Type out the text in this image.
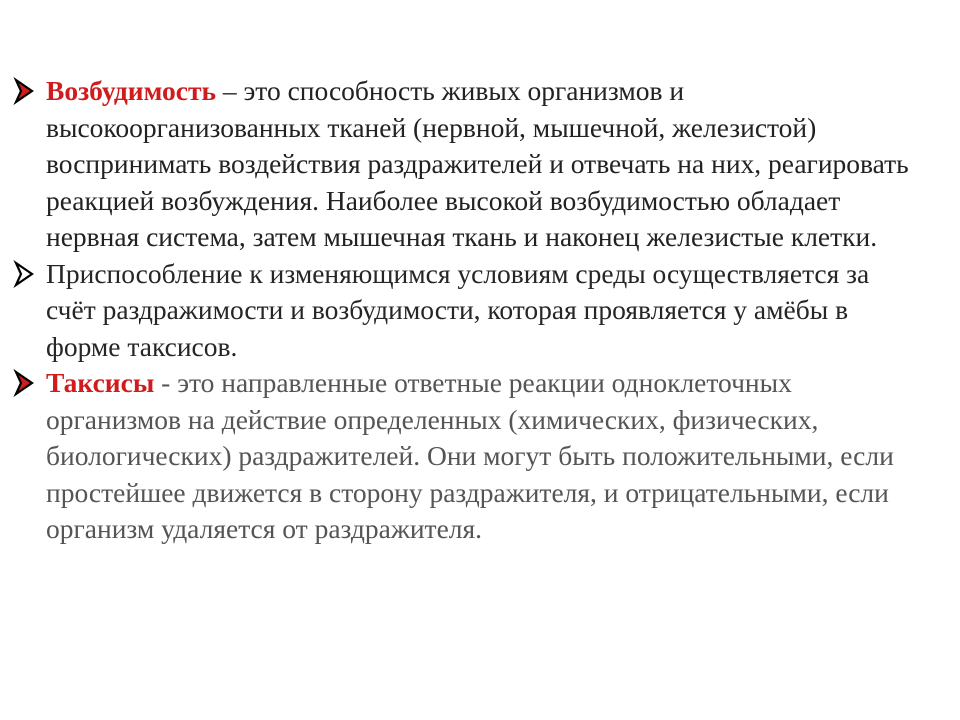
Возбудимость – это способность живых организмов и высокоорганизованных тканей (нервной, мышечной, железистой) воспринимать воздействия раздражителей и отвечать на них, реагировать реакцией возбуждения. Наиболее высокой возбудимостью обладает нервная система, затем мышечная ткань и наконец железистые клетки.
Приспособление к изменяющимся условиям среды осуществляется за счёт раздражимости и возбудимости, которая проявляется у амёбы в форме таксисов.
Таксисы - это направленные ответные реакции одноклеточных организмов на действие определенных (химических, физических, биологических) раздражителей. Они могут быть положительными, если простейшее движется в сторону раздражителя, и отрицательными, если организм удаляется от раздражителя.
